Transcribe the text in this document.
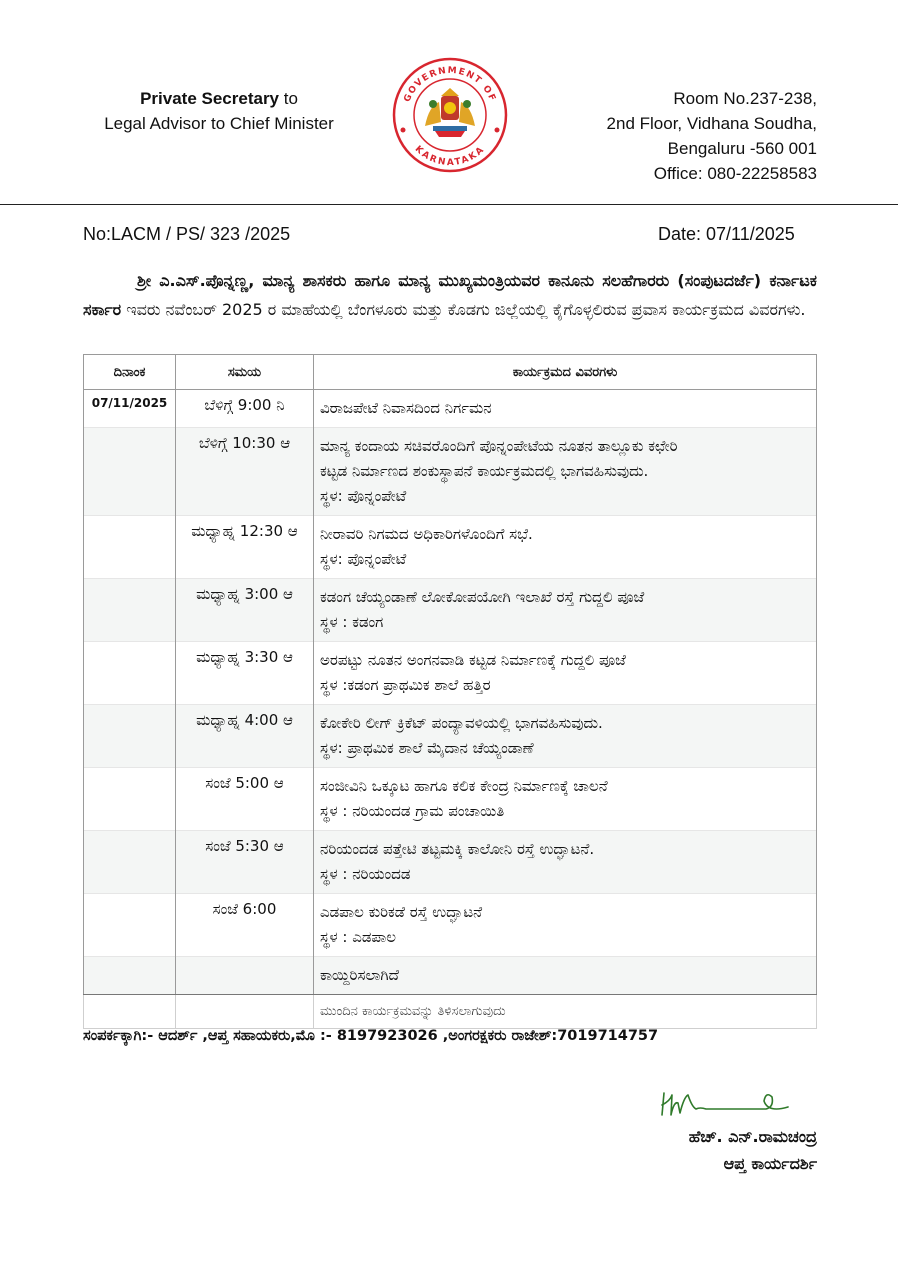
Private Secretary to
Legal Advisor to Chief Minister
GOVERNMENT OF
KARNATAKA
Room No.237-238,
2nd Floor, Vidhana Soudha,
Bengaluru -560 001
Office: 080-22258583
No:LACM / PS/ 323 /2025	Date: 07/11/2025
ಶ್ರೀ ಎ.ಎಸ್.ಪೊನ್ನಣ್ಣ, ಮಾನ್ಯ ಶಾಸಕರು ಹಾಗೂ ಮಾನ್ಯ ಮುಖ್ಯಮಂತ್ರಿಯವರ ಕಾನೂನು ಸಲಹೆಗಾರರು (ಸಂಪುಟದರ್ಜೆ) ಕರ್ನಾಟಕ ಸರ್ಕಾರ ಇವರು ನವೆಂಬರ್ 2025 ರ ಮಾಹೆಯಲ್ಲಿ ಬೆಂಗಳೂರು ಮತ್ತು ಕೊಡಗು ಜಿಲ್ಲೆಯಲ್ಲಿ ಕೈಗೊಳ್ಳಲಿರುವ ಪ್ರವಾಸ ಕಾರ್ಯಕ್ರಮದ ವಿವರಗಳು.
ದಿನಾಂಕ	ಸಮಯ	ಕಾರ್ಯಕ್ರಮದ ವಿವರಗಳು

07/11/2025	ಬೆಳಿಗ್ಗೆ 9:00 ನಿ	ವಿರಾಜಪೇಟೆ ನಿವಾಸದಿಂದ ನಿರ್ಗಮನ

	ಬೆಳಿಗ್ಗೆ 10:30 ಆ	ಮಾನ್ಯ ಕಂದಾಯ ಸಚಿವರೊಂದಿಗೆ ಪೊನ್ನಂಪೇಟೆಯ ನೂತನ ತಾಲ್ಲೂಕು ಕಛೇರಿ
ಕಟ್ಟಡ ನಿರ್ಮಾಣದ ಶಂಕುಸ್ಥಾಪನೆ ಕಾರ್ಯಕ್ರಮದಲ್ಲಿ ಭಾಗವಹಿಸುವುದು.
ಸ್ಥಳ: ಪೊನ್ನಂಪೇಟೆ

	ಮಧ್ಯಾಹ್ನ 12:30 ಆ	ನೀರಾವರಿ ನಿಗಮದ ಅಧಿಕಾರಿಗಳೊಂದಿಗೆ ಸಭೆ.
ಸ್ಥಳ: ಪೊನ್ನಂಪೇಟೆ

	ಮಧ್ಯಾಹ್ನ 3:00 ಆ	ಕಡಂಗ ಚೆಯ್ಯಂಡಾಣೆ ಲೋಕೋಪಯೋಗಿ ಇಲಾಖೆ ರಸ್ತೆ ಗುದ್ದಲಿ ಪೂಜೆ
ಸ್ಥಳ : ಕಡಂಗ

	ಮಧ್ಯಾಹ್ನ 3:30 ಆ	ಅರಪಟ್ಟು ನೂತನ ಅಂಗನವಾಡಿ ಕಟ್ಟಡ ನಿರ್ಮಾಣಕ್ಕೆ ಗುದ್ದಲಿ ಪೂಜೆ
ಸ್ಥಳ :ಕಡಂಗ ಪ್ರಾಥಮಿಕ ಶಾಲೆ ಹತ್ತಿರ

	ಮಧ್ಯಾಹ್ನ 4:00 ಆ	ಕೋಕೇರಿ ಲೀಗ್ ಕ್ರಿಕೆಟ್ ಪಂದ್ಯಾವಳಿಯಲ್ಲಿ ಭಾಗವಹಿಸುವುದು.
ಸ್ಥಳ: ಪ್ರಾಥಮಿಕ ಶಾಲೆ ಮೈದಾನ ಚೆಯ್ಯಂಡಾಣೆ

	ಸಂಜೆ 5:00 ಆ	ಸಂಜೀವಿನಿ ಒಕ್ಕೂಟ ಹಾಗೂ ಕಲಿಕ ಕೇಂದ್ರ ನಿರ್ಮಾಣಕ್ಕೆ ಚಾಲನೆ
ಸ್ಥಳ : ನರಿಯಂದಡ ಗ್ರಾಮ ಪಂಚಾಯಿತಿ

	ಸಂಜೆ 5:30 ಆ	ನರಿಯಂದಡ ಪತ್ತೇಟಿ ತಟ್ಟಮಕ್ಕಿ ಕಾಲೋನಿ ರಸ್ತೆ ಉದ್ಘಾಟನೆ.
ಸ್ಥಳ : ನರಿಯಂದಡ

	ಸಂಜೆ 6:00	ಎಡಪಾಲ ಕುರಿಕಡೆ ರಸ್ತೆ ಉದ್ಘಾಟನೆ
ಸ್ಥಳ : ಎಡಪಾಲ

		ಕಾಯ್ದಿರಿಸಲಾಗಿದೆ

		ಮುಂದಿನ ಕಾರ್ಯಕ್ರಮವನ್ನು ತಿಳಿಸಲಾಗುವುದು
ಸಂಪರ್ಕಕ್ಕಾಗಿ:- ಆದರ್ಶ್ ,ಆಪ್ತ ಸಹಾಯಕರು,ಮೊ :- 8197923026 ,ಅಂಗರಕ್ಷಕರು ರಾಜೇಶ್:7019714757
ಹೆಚ್. ಎನ್.ರಾಮಚಂದ್ರ
ಆಪ್ತ ಕಾರ್ಯದರ್ಶಿ
